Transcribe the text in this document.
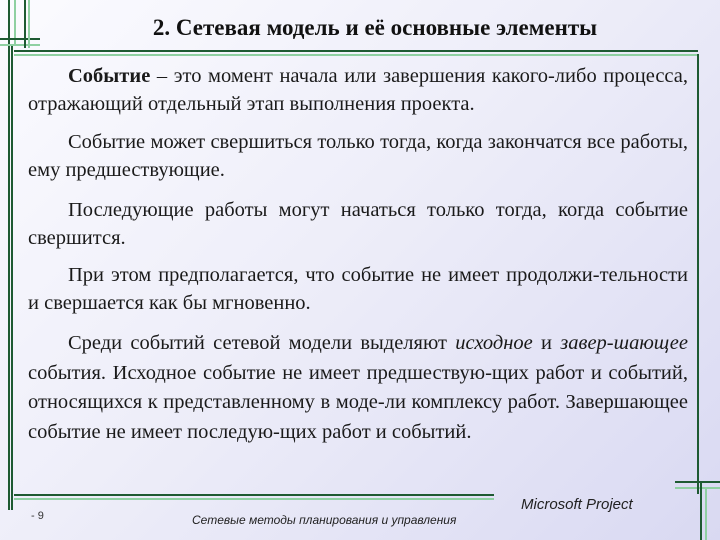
2. Сетевая модель и её основные элементы

Событие – это момент начала или завершения какого-либо процесса, отражающий отдельный этап выполнения проекта.

Событие может свершиться только тогда, когда закончатся все работы, ему предшествующие.

Последующие работы могут начаться только тогда, когда событие свершится.

При этом предполагается, что событие не имеет продолжи-тельности и свершается как бы мгновенно.

Среди событий сетевой модели выделяют исходное и завер-шающее события. Исходное событие не имеет предшествую-щих работ и событий, относящихся к представленному в моде-ли комплексу работ. Завершающее событие не имеет последую-щих работ и событий.

- 9	Сетевые методы планирования и управления
Microsoft Project
